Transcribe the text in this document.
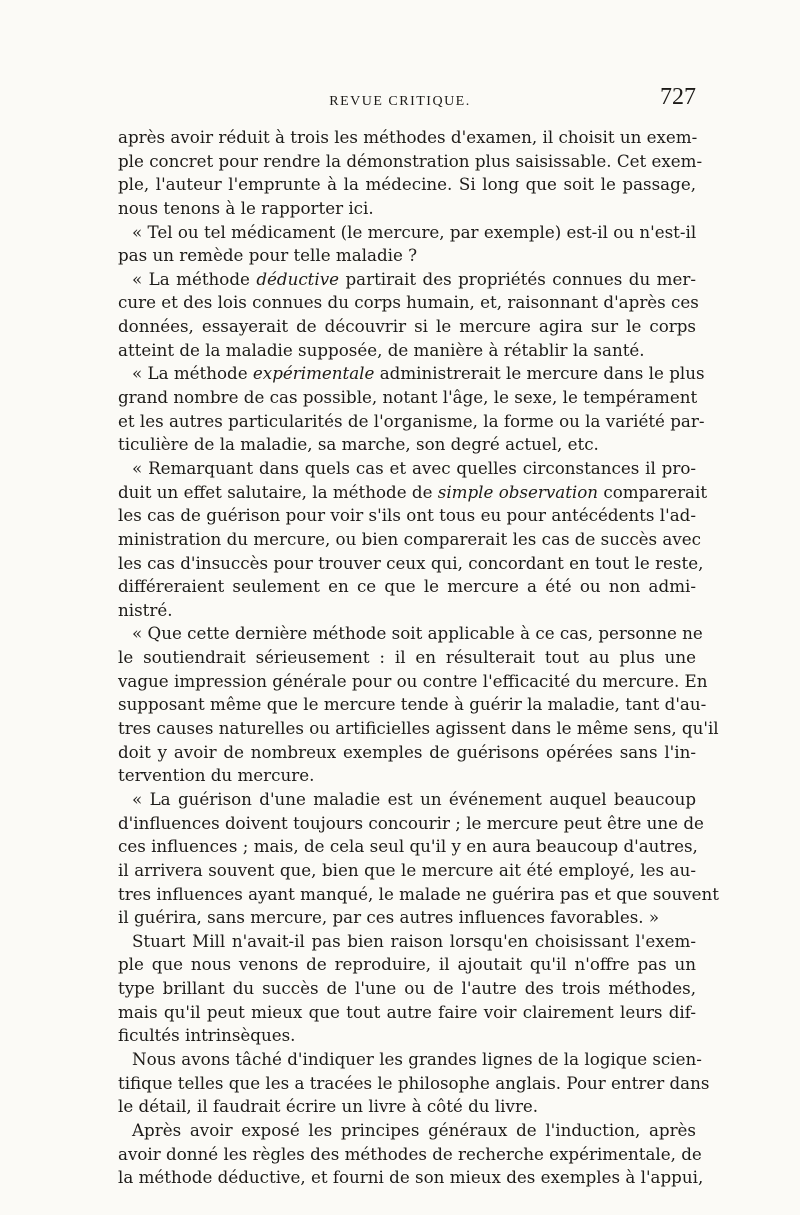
REVUE CRITIQUE.	727
après avoir réduit à trois les méthodes d'examen, il choisit un exem-
ple concret pour rendre la démonstration plus saisissable. Cet exem-
ple, l'auteur l'emprunte à la médecine. Si long que soit le passage,
nous tenons à le rapporter ici.
« Tel ou tel médicament (le mercure, par exemple) est-il ou n'est-il
pas un remède pour telle maladie ?
« La méthode déductive partirait des propriétés connues du mer-
cure et des lois connues du corps humain, et, raisonnant d'après ces
données, essayerait de découvrir si le mercure agira sur le corps
atteint de la maladie supposée, de manière à rétablir la santé.
« La méthode expérimentale administrerait le mercure dans le plus
grand nombre de cas possible, notant l'âge, le sexe, le tempérament
et les autres particularités de l'organisme, la forme ou la variété par-
ticulière de la maladie, sa marche, son degré actuel, etc.
« Remarquant dans quels cas et avec quelles circonstances il pro-
duit un effet salutaire, la méthode de simple observation comparerait
les cas de guérison pour voir s'ils ont tous eu pour antécédents l'ad-
ministration du mercure, ou bien comparerait les cas de succès avec
les cas d'insuccès pour trouver ceux qui, concordant en tout le reste,
différeraient seulement en ce que le mercure a été ou non admi-
nistré.
« Que cette dernière méthode soit applicable à ce cas, personne ne
le soutiendrait sérieusement : il en résulterait tout au plus une
vague impression générale pour ou contre l'efficacité du mercure. En
supposant même que le mercure tende à guérir la maladie, tant d'au-
tres causes naturelles ou artificielles agissent dans le même sens, qu'il
doit y avoir de nombreux exemples de guérisons opérées sans l'in-
tervention du mercure.
« La guérison d'une maladie est un événement auquel beaucoup
d'influences doivent toujours concourir ; le mercure peut être une de
ces influences ; mais, de cela seul qu'il y en aura beaucoup d'autres,
il arrivera souvent que, bien que le mercure ait été employé, les au-
tres influences ayant manqué, le malade ne guérira pas et que souvent
il guérira, sans mercure, par ces autres influences favorables. »
Stuart Mill n'avait-il pas bien raison lorsqu'en choisissant l'exem-
ple que nous venons de reproduire, il ajoutait qu'il n'offre pas un
type brillant du succès de l'une ou de l'autre des trois méthodes,
mais qu'il peut mieux que tout autre faire voir clairement leurs dif-
ficultés intrinsèques.
Nous avons tâché d'indiquer les grandes lignes de la logique scien-
tifique telles que les a tracées le philosophe anglais. Pour entrer dans
le détail, il faudrait écrire un livre à côté du livre.
Après avoir exposé les principes généraux de l'induction, après
avoir donné les règles des méthodes de recherche expérimentale, de
la méthode déductive, et fourni de son mieux des exemples à l'appui,
